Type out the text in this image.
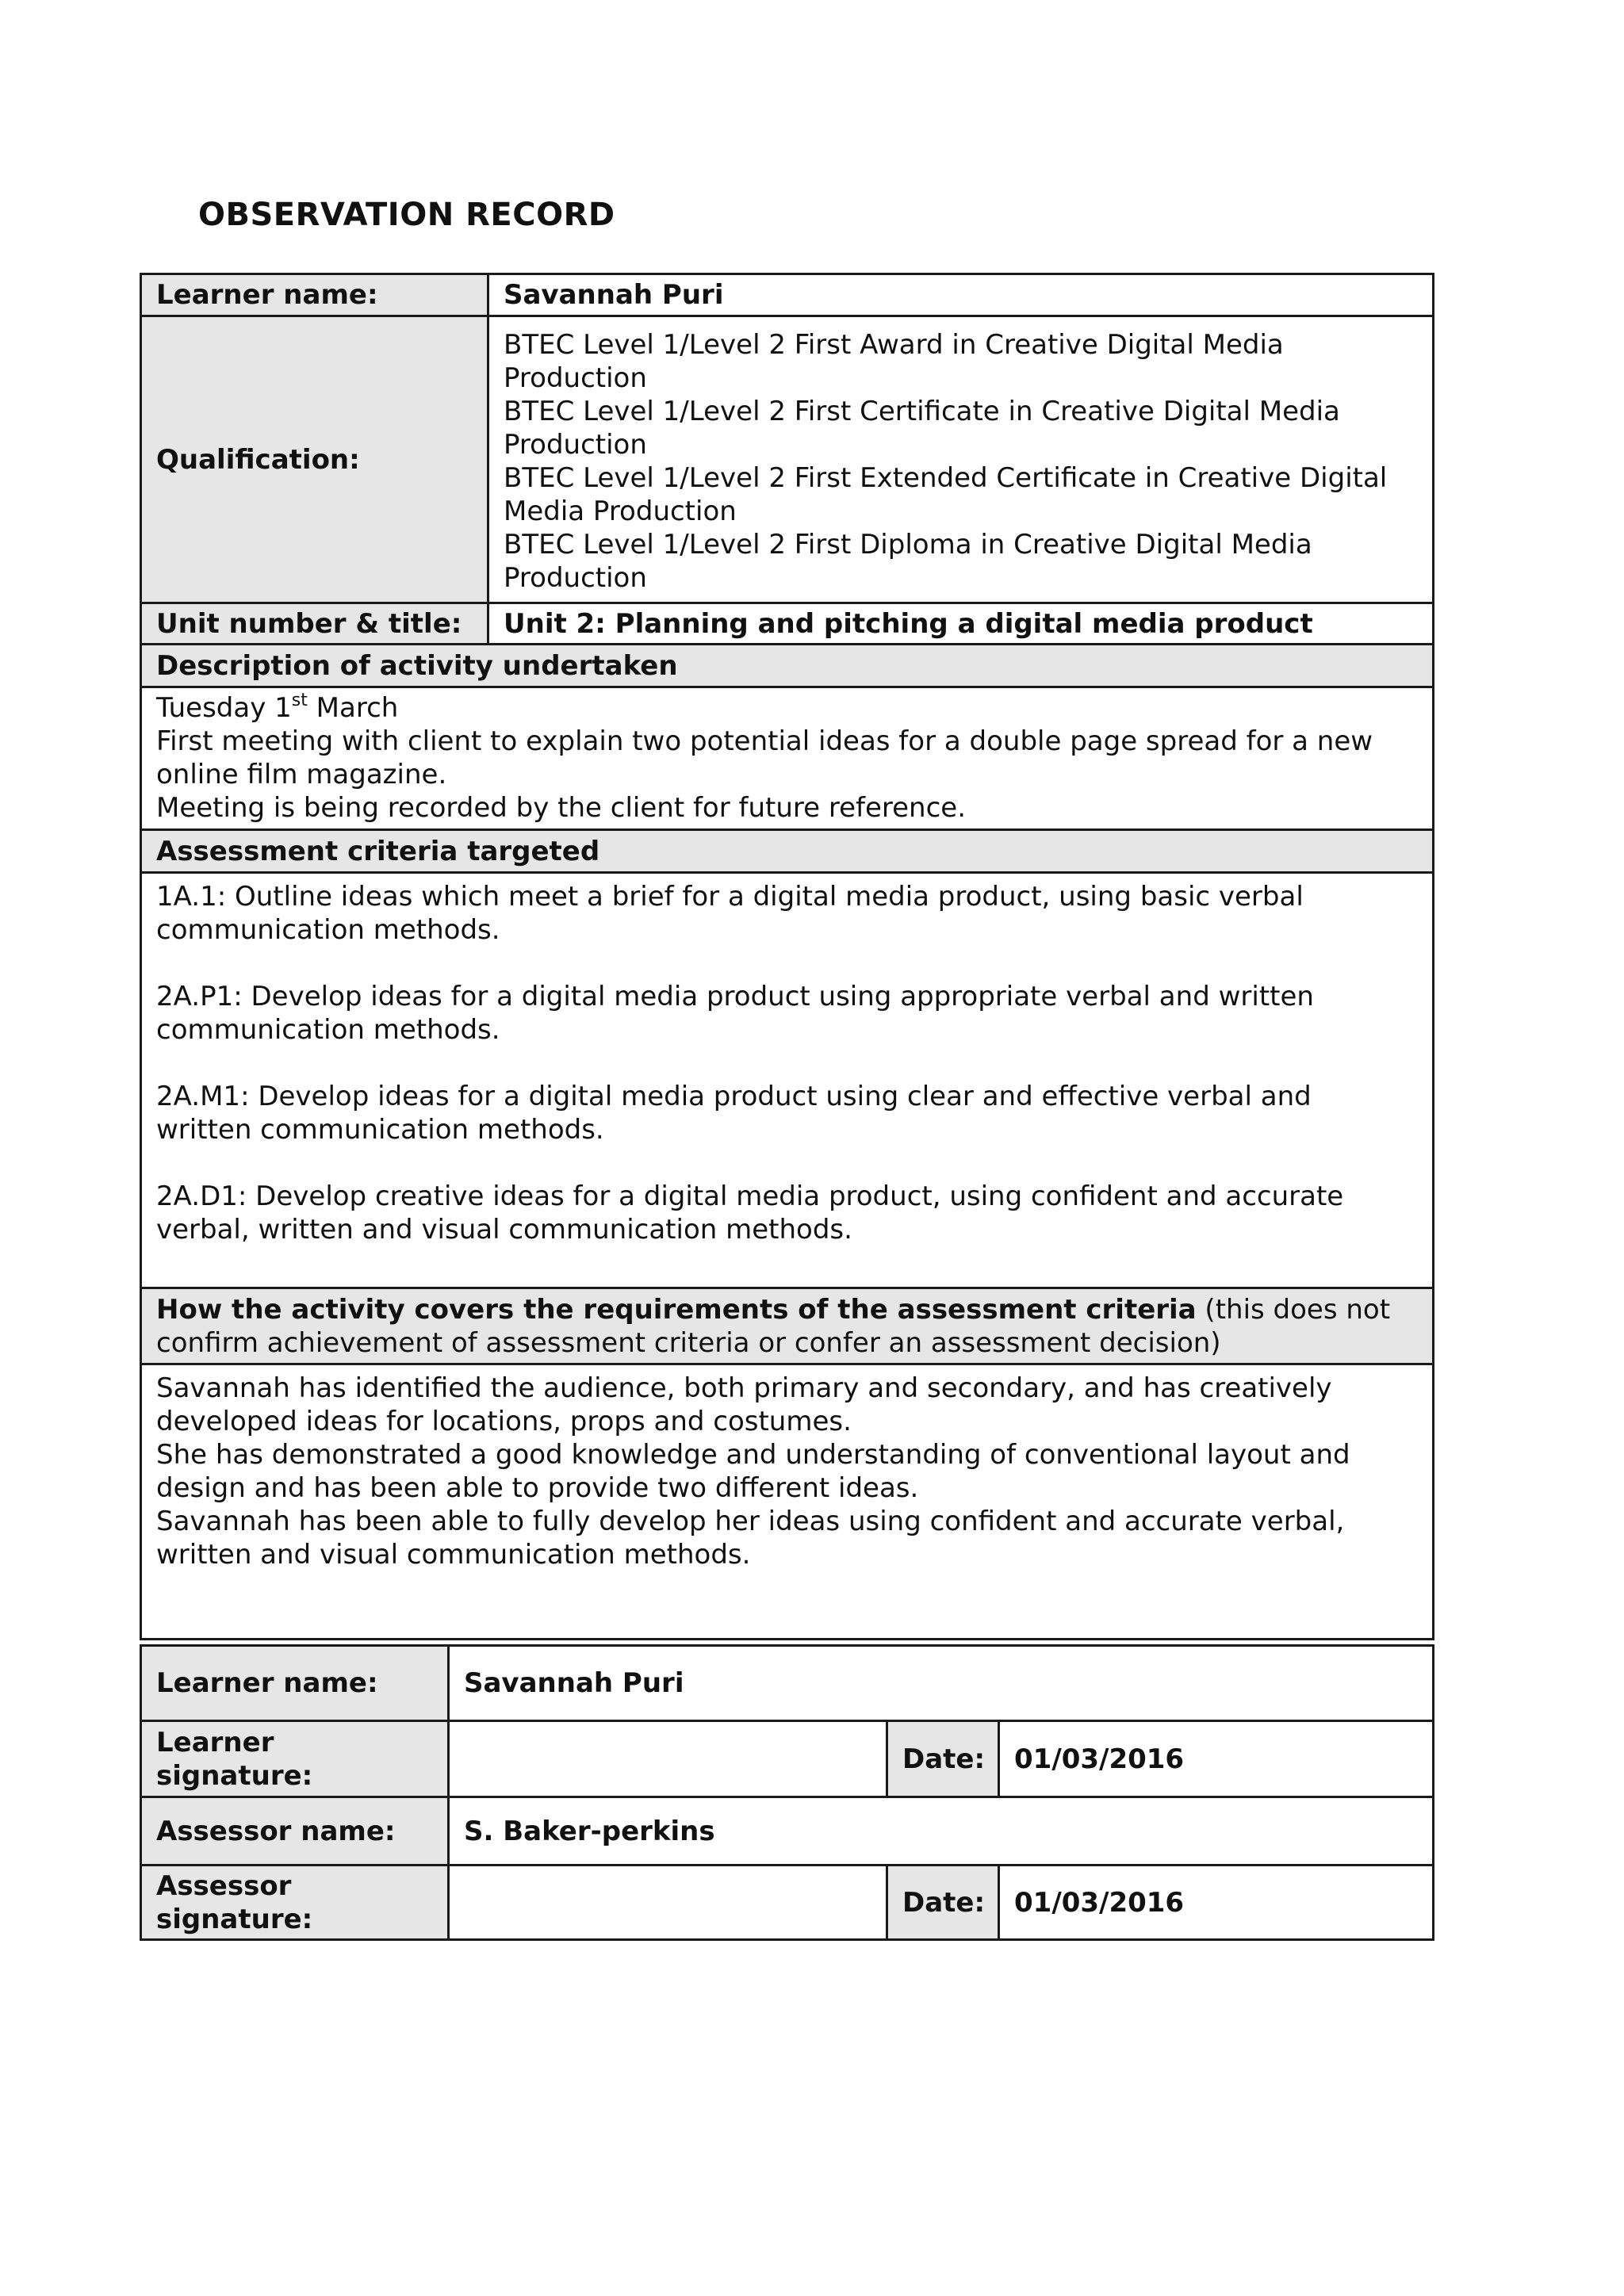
OBSERVATION RECORD
Learner name:	Savannah Puri
Qualification:	BTEC Level 1/Level 2 First Award in Creative Digital Media Production
BTEC Level 1/Level 2 First Certificate in Creative Digital Media Production
BTEC Level 1/Level 2 First Extended Certificate in Creative Digital Media Production
BTEC Level 1/Level 2 First Diploma in Creative Digital Media Production

Unit number & title:	Unit 2: Planning and pitching a digital media product
Description of activity undertaken	

Tuesday 1st March
First meeting with client to explain two potential ideas for a double page spread for a new online film magazine.
Meeting is being recorded by the client for future reference.	

Assessment criteria targeted	

1A.1: Outline ideas which meet a brief for a digital media product, using basic verbal communication methods.

2A.P1: Develop ideas for a digital media product using appropriate verbal and written communication methods.

2A.M1: Develop ideas for a digital media product using clear and effective verbal and written communication methods.

2A.D1: Develop creative ideas for a digital media product, using confident and accurate verbal, written and visual communication methods.	

How the activity covers the requirements of the assessment criteria (this does not confirm achievement of assessment criteria or confer an assessment decision)	

Savannah has identified the audience, both primary and secondary, and has creatively developed ideas for locations, props and costumes.
She has demonstrated a good knowledge and understanding of conventional layout and design and has been able to provide two different ideas.
Savannah has been able to fully develop her ideas using confident and accurate verbal, written and visual communication methods.	
Learner name:	Savannah Puri		
Learner signature:		Date:	01/03/2016
Assessor name:	S. Baker-perkins		
Assessor signature:		Date:	01/03/2016
